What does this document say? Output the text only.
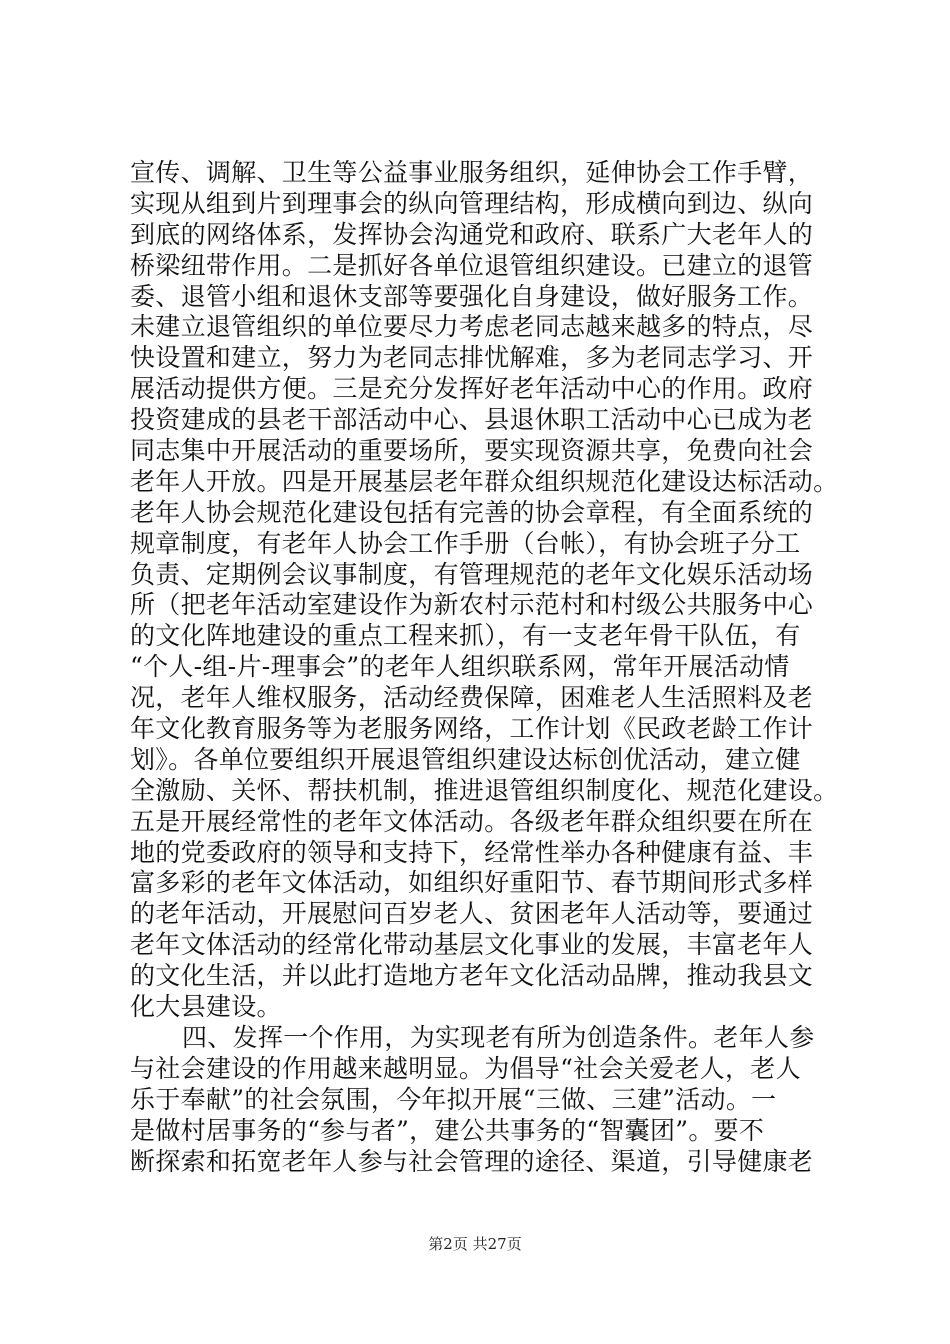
宣传、调解、卫生等公益事业服务组织，延伸协会工作手臂，
实现从组到片到理事会的纵向管理结构，形成横向到边、纵向
到底的网络体系，发挥协会沟通党和政府、联系广大老年人的
桥梁纽带作用。二是抓好各单位退管组织建设。已建立的退管
委、退管小组和退休支部等要强化自身建设，做好服务工作。
未建立退管组织的单位要尽力考虑老同志越来越多的特点，尽
快设置和建立，努力为老同志排忧解难，多为老同志学习、开
展活动提供方便。三是充分发挥好老年活动中心的作用。政府
投资建成的县老干部活动中心、县退休职工活动中心已成为老
同志集中开展活动的重要场所，要实现资源共享，免费向社会
老年人开放。四是开展基层老年群众组织规范化建设达标活动。
老年人协会规范化建设包括有完善的协会章程，有全面系统的
规章制度，有老年人协会工作手册（台帐），有协会班子分工
负责、定期例会议事制度，有管理规范的老年文化娱乐活动场
所（把老年活动室建设作为新农村示范村和村级公共服务中心
的文化阵地建设的重点工程来抓），有一支老年骨干队伍，有
“个人-组-片-理事会”的老年人组织联系网，常年开展活动情
况，老年人维权服务，活动经费保障，困难老人生活照料及老
年文化教育服务等为老服务网络，工作计划《民政老龄工作计
划》。各单位要组织开展退管组织建设达标创优活动，建立健
全激励、关怀、帮扶机制，推进退管组织制度化、规范化建设。
五是开展经常性的老年文体活动。各级老年群众组织要在所在
地的党委政府的领导和支持下，经常性举办各种健康有益、丰
富多彩的老年文体活动，如组织好重阳节、春节期间形式多样
的老年活动，开展慰问百岁老人、贫困老年人活动等，要通过
老年文体活动的经常化带动基层文化事业的发展，丰富老年人
的文化生活，并以此打造地方老年文化活动品牌，推动我县文
化大县建设。
四、发挥一个作用，为实现老有所为创造条件。老年人参
与社会建设的作用越来越明显。为倡导“社会关爱老人，老人
乐于奉献”的社会氛围，今年拟开展“三做、三建”活动。一
是做村居事务的“参与者”，建公共事务的“智囊团”。要不
断探索和拓宽老年人参与社会管理的途径、渠道，引导健康老
第2页 共27页
